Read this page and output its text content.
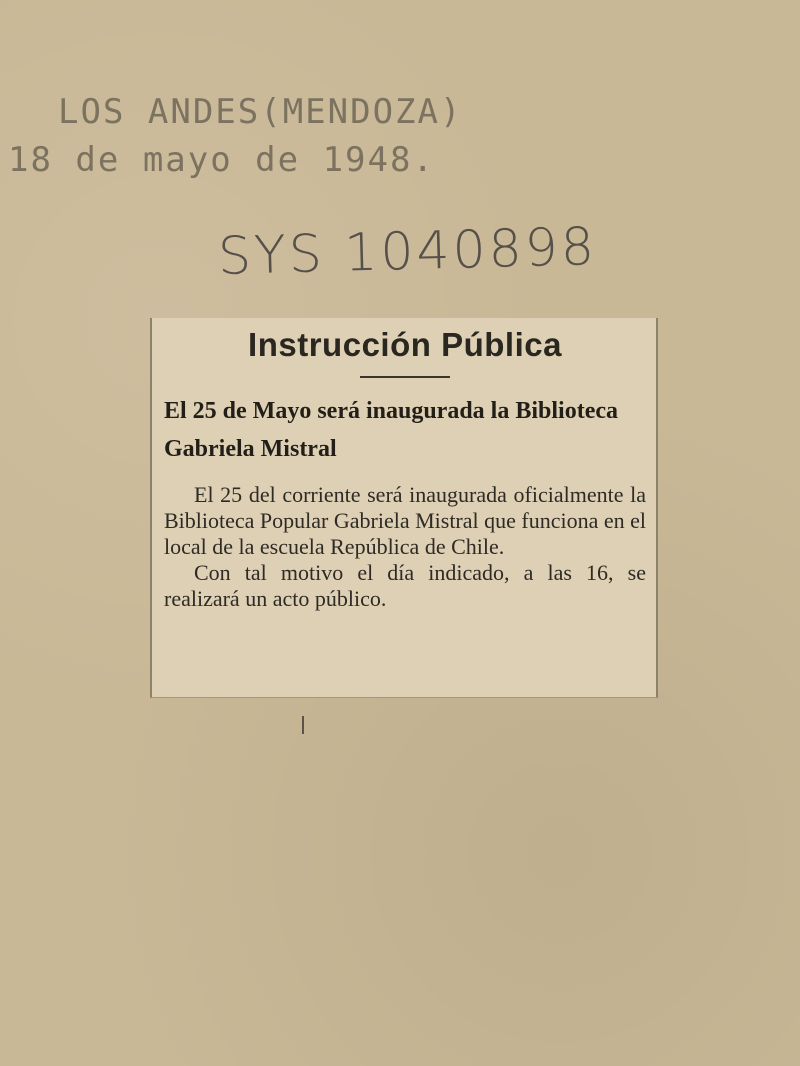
LOS ANDES(MENDOZA)

18 de mayo de 1948.

SYS 1040898
Instrucción Pública
El 25 de Mayo será inaugurada la Biblioteca Gabriela Mistral

El 25 del corriente será inaugurada oficialmente la Biblioteca Popular Gabriela Mistral que funciona en el local de la escuela República de Chile.

Con tal motivo el día indicado, a las 16, se realizará un acto público.
